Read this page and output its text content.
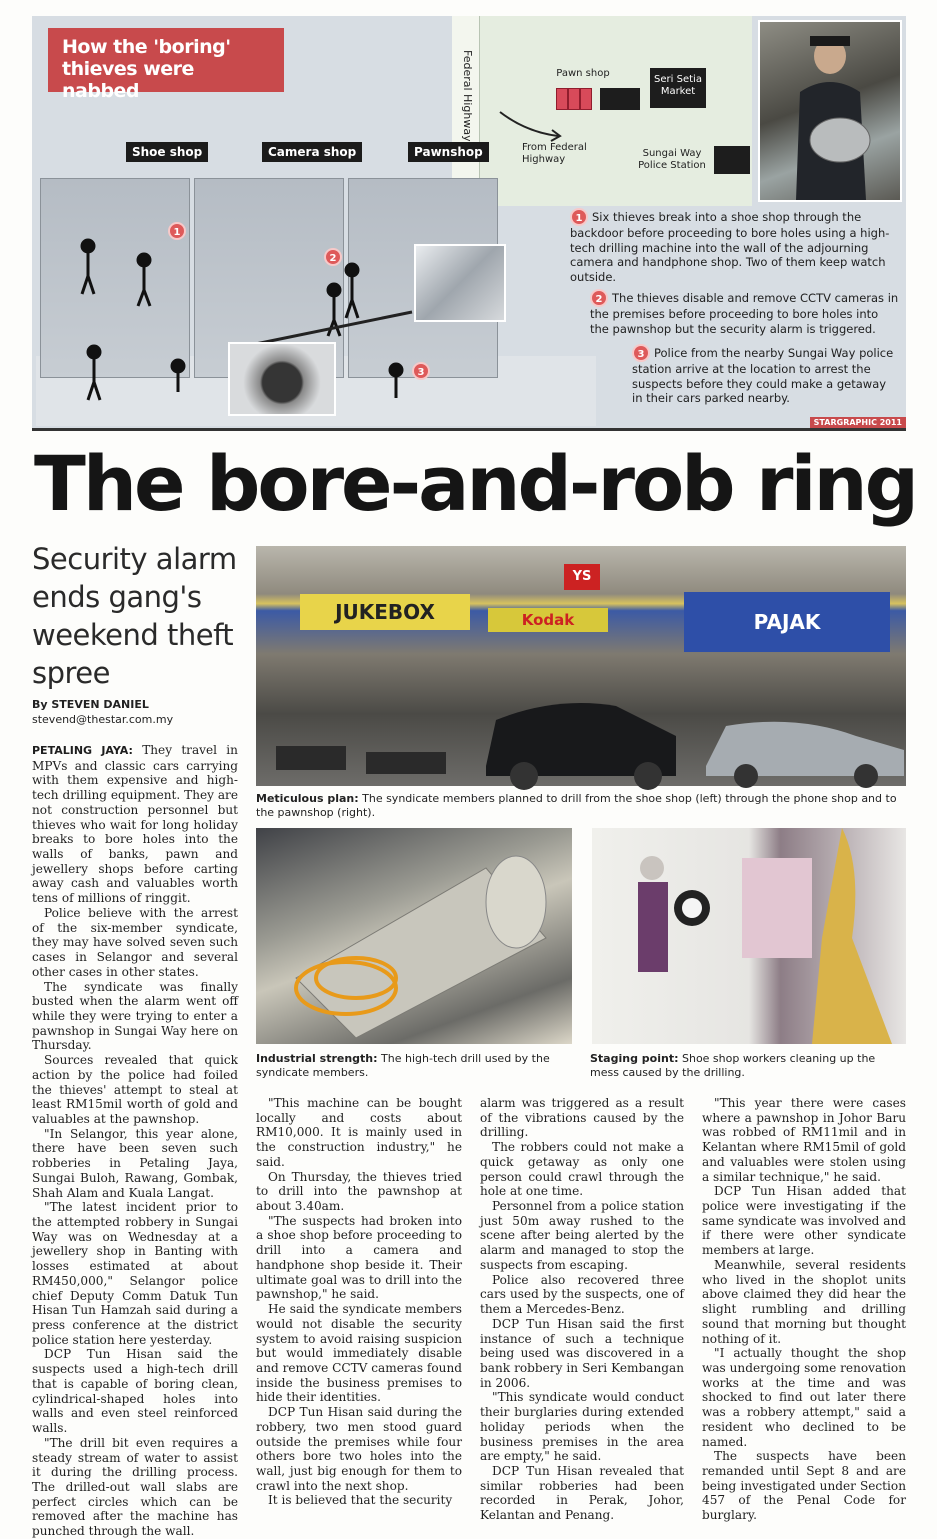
How the 'boring' thieves were nabbed	Federal Highway	Pawn shop
Seri Setia Market
From Federal Highway
Sungai Way Police Station
Shoe shop	Camera shop	Pawnshop
1
2
3
1 Six thieves break into a shoe shop through the backdoor before proceeding to bore holes using a high-tech drilling machine into the wall of the adjourning camera and handphone shop. Two of them keep watch outside.
2 The thieves disable and remove CCTV cameras in the premises before proceeding to bore holes into the pawnshop but the security alarm is triggered.
3 Police from the nearby Sungai Way police station arrive at the location to arrest the suspects before they could make a getaway in their cars parked nearby.
STARGRAPHIC 2011
The bore-and-rob ring
Security alarm ends gang's weekend theft spree
By STEVEN DANIEL
stevend@thestar.com.my
JUKEBOX	Kodak
YS
PAJAK
Meticulous plan: The syndicate members planned to drill from the shoe shop (left) through the phone shop and to the pawnshop (right).
Industrial strength: The high-tech drill used by the syndicate members.
Staging point: Shoe shop workers cleaning up the mess caused by the drilling.

PETALING JAYA: They travel in MPVs and classic cars carrying with them expensive and high-tech drilling equipment. They are not construction personnel but thieves who wait for long holiday breaks to bore holes into the walls of banks, pawn and jewellery shops before carting away cash and valuables worth tens of millions of ringgit.

Police believe with the arrest of the six-member syndicate, they may have solved seven such cases in Selangor and several other cases in other states.

The syndicate was finally busted when the alarm went off while they were trying to enter a pawnshop in Sungai Way here on Thursday.

Sources revealed that quick action by the police had foiled the thieves' attempt to steal at least RM15mil worth of gold and valuables at the pawnshop.

"In Selangor, this year alone, there have been seven such robberies in Petaling Jaya, Sungai Buloh, Rawang, Gombak, Shah Alam and Kuala Langat.

"The latest incident prior to the attempted robbery in Sungai Way was on Wednesday at a jewellery shop in Banting with losses estimated at about RM450,000," Selangor police chief Deputy Comm Datuk Tun Hisan Tun Hamzah said during a press conference at the district police station here yesterday.

DCP Tun Hisan said the suspects used a high-tech drill that is capable of boring clean, cylindrical-shaped holes into walls and even steel reinforced walls.

"The drill bit even requires a steady stream of water to assist it during the drilling process. The drilled-out wall slabs are perfect circles which can be removed after the machine has punched through the wall.

"This machine can be bought locally and costs about RM10,000. It is mainly used in the construction industry," he said.

On Thursday, the thieves tried to drill into the pawnshop at about 3.40am.

"The suspects had broken into a shoe shop before proceeding to drill into a camera and handphone shop beside it. Their ultimate goal was to drill into the pawnshop," he said.

He said the syndicate members would not disable the security system to avoid raising suspicion but would immediately disable and remove CCTV cameras found inside the business premises to hide their identities.

DCP Tun Hisan said during the robbery, two men stood guard outside the premises while four others bore two holes into the wall, just big enough for them to crawl into the next shop.

It is believed that the security

alarm was triggered as a result of the vibrations caused by the drilling.

The robbers could not make a quick getaway as only one person could crawl through the hole at one time.

Personnel from a police station just 50m away rushed to the scene after being alerted by the alarm and managed to stop the suspects from escaping.

Police also recovered three cars used by the suspects, one of them a Mercedes-Benz.

DCP Tun Hisan said the first instance of such a technique being used was discovered in a bank robbery in Seri Kembangan in 2006.

"This syndicate would conduct their burglaries during extended holiday periods when the business premises in the area are empty," he said.

DCP Tun Hisan revealed that similar robberies had been recorded in Perak, Johor, Kelantan and Penang.

"This year there were cases where a pawnshop in Johor Baru was robbed of RM11mil and in Kelantan where RM15mil of gold and valuables were stolen using a similar technique," he said.

DCP Tun Hisan added that police were investigating if the same syndicate was involved and if there were other syndicate members at large.

Meanwhile, several residents who lived in the shoplot units above claimed they did hear the slight rumbling and drilling sound that morning but thought nothing of it.

"I actually thought the shop was undergoing some renovation works at the time and was shocked to find out later there was a robbery attempt," said a resident who declined to be named.

The suspects have been remanded until Sept 8 and are being investigated under Section 457 of the Penal Code for burglary.
